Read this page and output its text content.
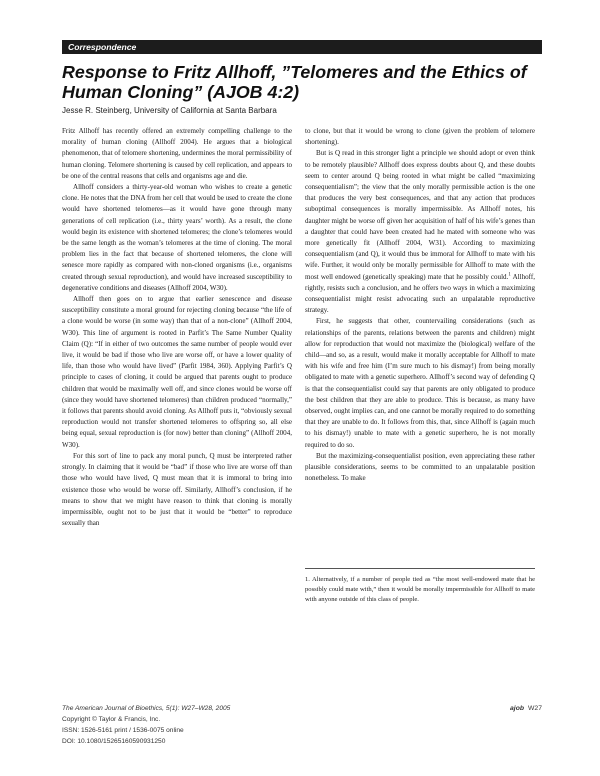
Correspondence
Response to Fritz Allhoff, ”Telomeres and the Ethics of Human Cloning” (AJOB 4:2)
Jesse R. Steinberg, University of California at Santa Barbara

Fritz Allhoff has recently offered an extremely compelling challenge to the morality of human cloning (Allhoff 2004). He argues that a biological phenomenon, that of telomere shortening, undermines the moral permissibility of human cloning. Telomere shortening is caused by cell replication, and appears to be one of the central reasons that cells and organisms age and die.

Allhoff considers a thirty-year-old woman who wishes to create a genetic clone. He notes that the DNA from her cell that would be used to create the clone would have shortened telomeres—as it would have gone through many generations of cell replication (i.e., thirty years’ worth). As a result, the clone would begin its existence with shortened telomeres; the clone’s telomeres would be the same length as the woman’s telomeres at the time of cloning. The moral problem lies in the fact that because of shortened telomeres, the clone will senesce more rapidly as compared with non-cloned organisms (i.e., organisms created through sexual reproduction), and would have increased susceptibility to degenerative conditions and diseases (Allhoff 2004, W30).

Allhoff then goes on to argue that earlier senescence and disease susceptibility constitute a moral ground for rejecting cloning because “the life of a clone would be worse (in some way) than that of a non-clone” (Allhoff 2004, W30). This line of argument is rooted in Parfit’s The Same Number Quality Claim (Q): “If in either of two outcomes the same number of people would ever live, it would be bad if those who live are worse off, or have a lower quality of life, than those who would have lived” (Parfit 1984, 360). Applying Parfit’s Q principle to cases of cloning, it could be argued that parents ought to produce children that would be maximally well off, and since clones would be worse off (since they would have shortened telomeres) than children produced “normally,” it follows that parents should avoid cloning. As Allhoff puts it, “obviously sexual reproduction would not transfer shortened telomeres to offspring so, all else being equal, sexual reproduction is (for now) better than cloning” (Allhoff 2004, W30).

For this sort of line to pack any moral punch, Q must be interpreted rather strongly. In claiming that it would be “bad” if those who live are worse off than those who would have lived, Q must mean that it is immoral to bring into existence those who would be worse off. Similarly, Allhoff’s conclusion, if he means to show that we might have reason to think that cloning is morally impermissible, ought not to be just that it would be “better” to reproduce sexually than

to clone, but that it would be wrong to clone (given the problem of telomere shortening).

But is Q read in this stronger light a principle we should adopt or even think to be remotely plausible? Allhoff does express doubts about Q, and these doubts seem to center around Q being rooted in what might be called “maximizing consequentialism”; the view that the only morally permissible action is the one that produces the very best consequences, and that any action that produces suboptimal consequences is morally impermissible. As Allhoff notes, his daughter might be worse off given her acquisition of half of his wife’s genes than a daughter that could have been created had he mated with someone who was more genetically fit (Allhoff 2004, W31). According to maximizing consequentialism (and Q), it would thus be immoral for Allhoff to mate with his wife. Further, it would only be morally permissible for Allhoff to mate with the most well endowed (genetically speaking) mate that he possibly could.$^1$ Allhoff, rightly, resists such a conclusion, and he offers two ways in which a maximizing consequentialist might resist advocating such an unpalatable reproductive strategy.

First, he suggests that other, countervailing considerations (such as relationships of the parents, relations between the parents and children) might allow for reproduction that would not maximize the (biological) welfare of the child—and so, as a result, would make it morally acceptable for Allhoff to mate with his wife and free him (I’m sure much to his dismay!) from being morally obligated to mate with a genetic superhero. Allhoff’s second way of defending Q is that the consequentialist could say that parents are only obligated to produce the best children that they are able to produce. This is because, as many have observed, ought implies can, and one cannot be morally required to do something that they are unable to do. It follows from this, that, since Allhoff is (again much to his dismay!) unable to mate with a genetic superhero, he is not morally required to do so.

But the maximizing-consequentialist position, even appreciating these rather plausible considerations, seems to be committed to an unpalatable position nonetheless. To make

1. Alternatively, if a number of people tied as “the most well-endowed mate that he possibly could mate with,” then it would be morally impermissible for Allhoff to mate with anyone outside of this class of people.
The American Journal of Bioethics, 5(1): W27–W28, 2005
Copyright © Taylor & Francis, Inc.
ISSN: 1526-5161 print / 1536-0075 online
DOI: 10.1080/15265160590931250
ajob W27
